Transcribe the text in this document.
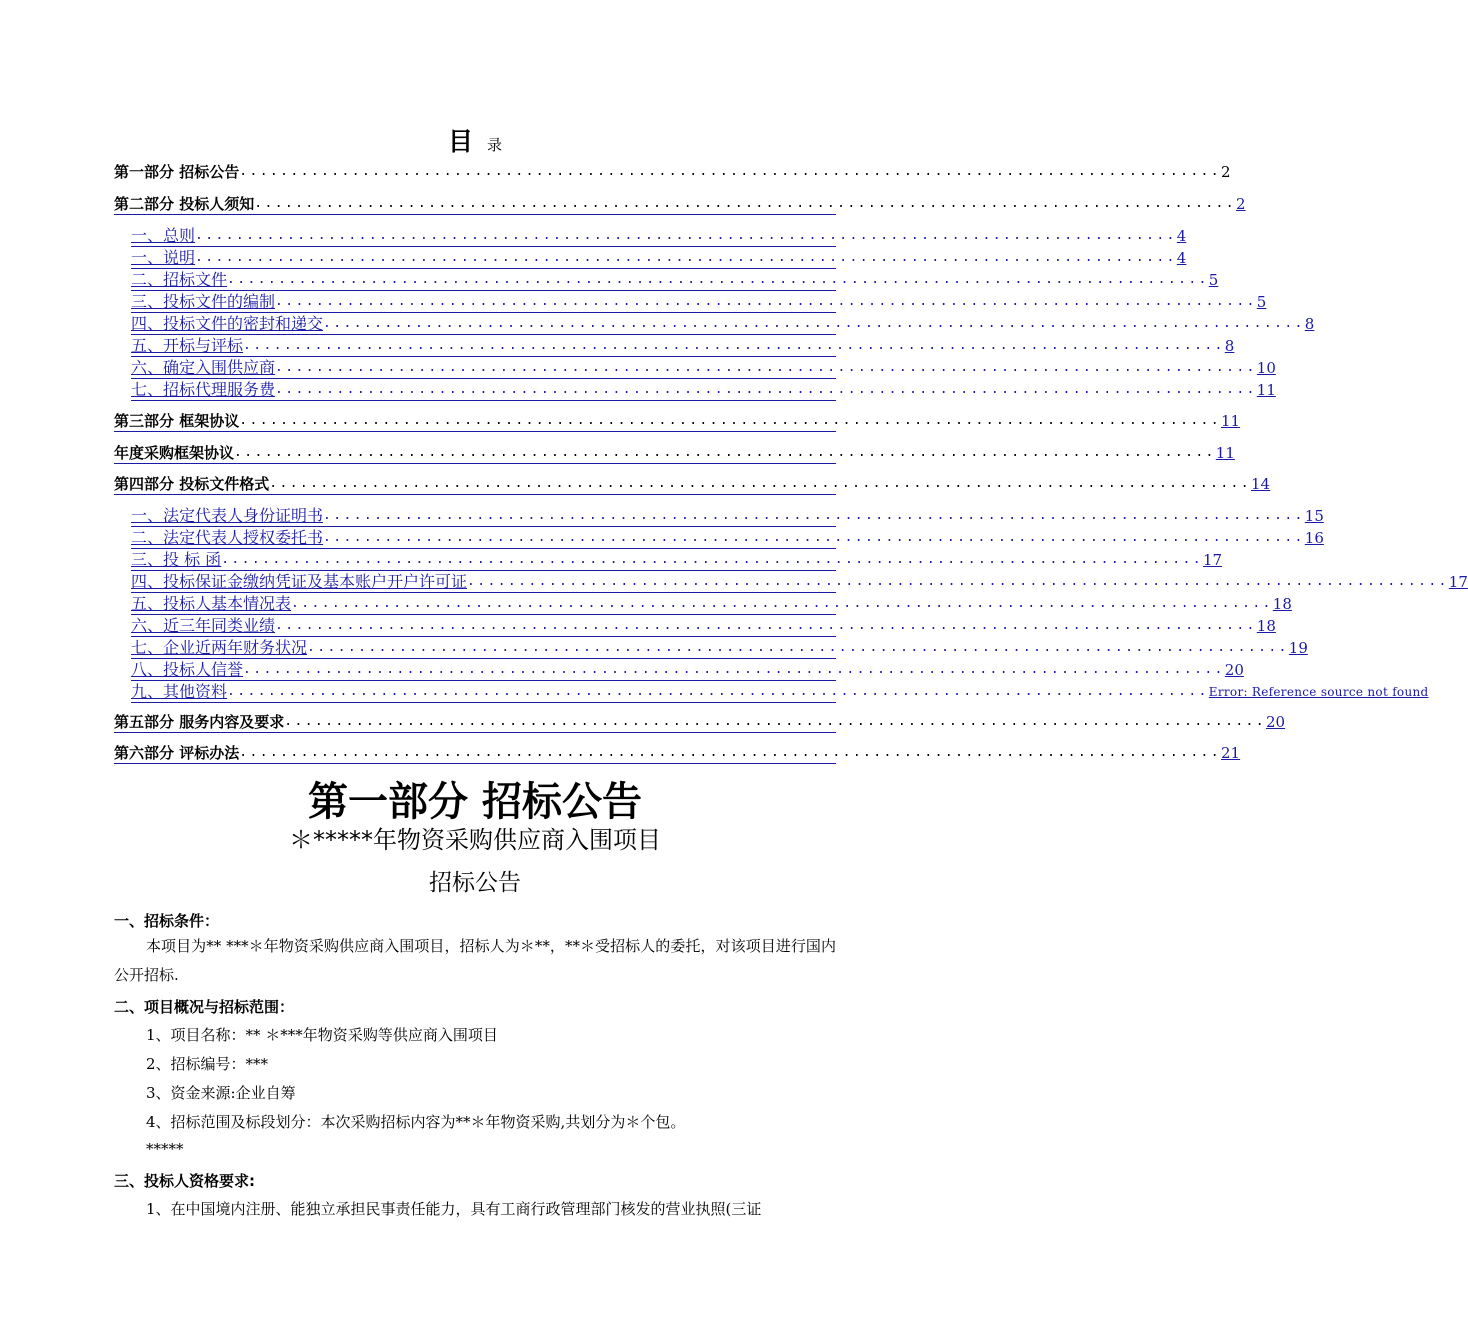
目录
第一部分 招标公告 ................................................................................................ 2
第二部分 投标人须知 ................................................................................................ 2
一、总则 ................................................................................................ 4
一、说明 ................................................................................................ 4
二、招标文件 ................................................................................................ 5
三、投标文件的编制 ................................................................................................ 5
四、投标文件的密封和递交 ................................................................................................ 8
五、开标与评标 ................................................................................................ 8
六、确定入围供应商 ................................................................................................ 10
七、招标代理服务费 ................................................................................................ 11
第三部分 框架协议 ................................................................................................ 11
年度采购框架协议 ................................................................................................ 11
第四部分 投标文件格式 ................................................................................................ 14
一、法定代表人身份证明书 ................................................................................................ 15
二、法定代表人授权委托书 ................................................................................................ 16
三、投 标 函 ................................................................................................ 17
四、投标保证金缴纳凭证及基本账户开户许可证 ................................................................................................ 17
五、投标人基本情况表 ................................................................................................ 18
六、近三年同类业绩 ................................................................................................ 18
七、企业近两年财务状况 ................................................................................................ 19
八、投标人信誉 ................................................................................................ 20
九、其他资料 ................................................................................................ Error: Reference source not found
第五部分 服务内容及要求 ................................................................................................ 20
第六部分 评标办法 ................................................................................................ 21
第一部分 招标公告
＊*****年物资采购供应商入围项目
招标公告
一、招标条件：
本项目为** ***＊年物资采购供应商入围项目，招标人为＊**，**＊受招标人的委托，对该项目进行国内公开招标.
二、项目概况与招标范围：
1、项目名称：** ＊***年物资采购等供应商入围项目
2、招标编号：***
3、资金来源:企业自筹
4、招标范围及标段划分：本次采购招标内容为**＊年物资采购,共划分为＊个包。
*****
三、投标人资格要求:
1、在中国境内注册、能独立承担民事责任能力，具有工商行政管理部门核发的营业执照(三证
